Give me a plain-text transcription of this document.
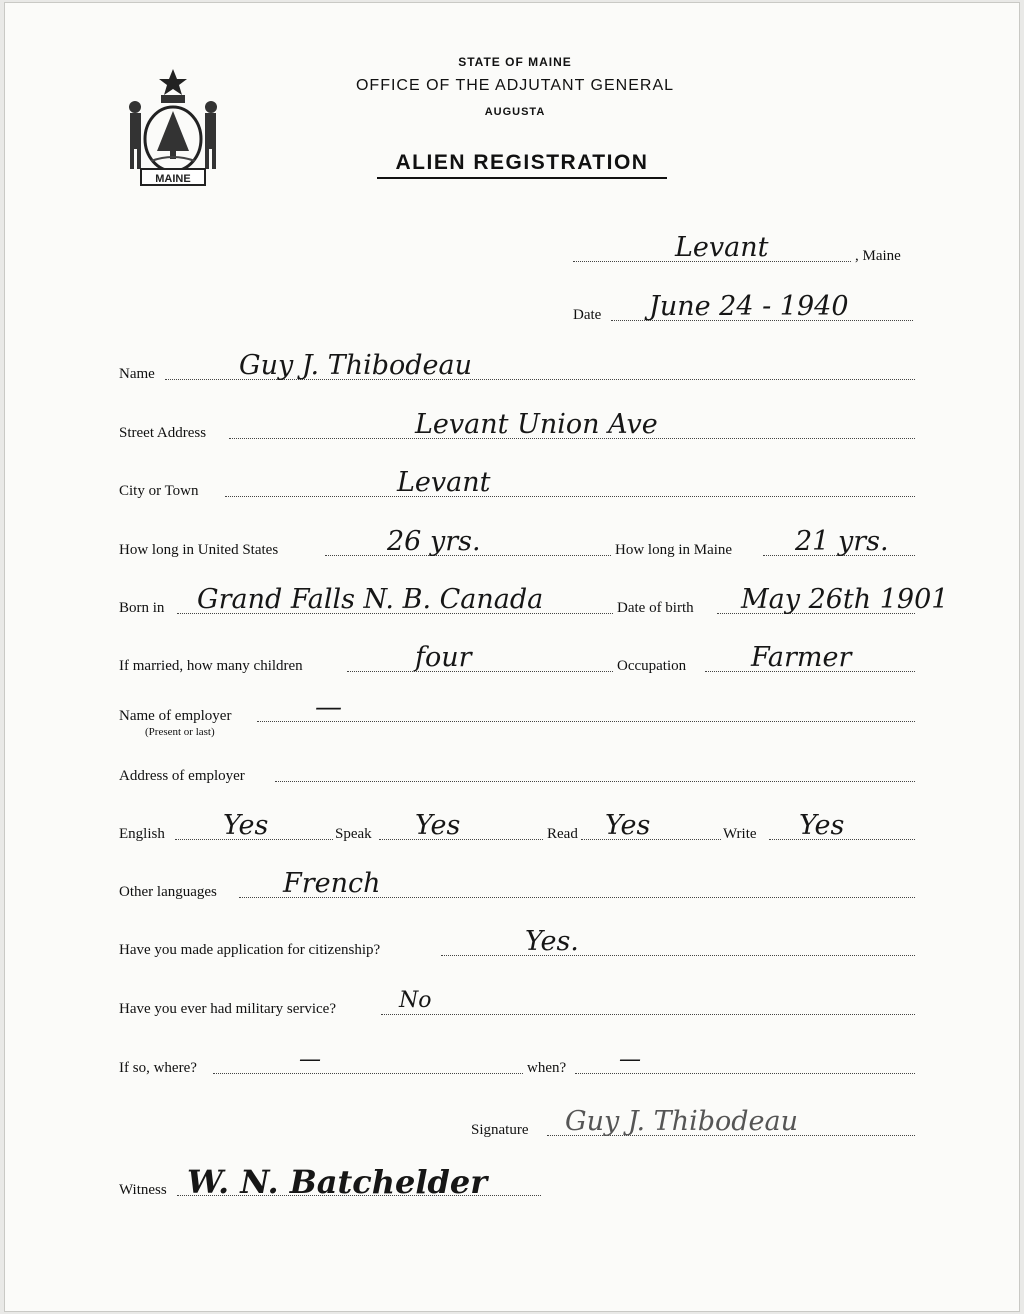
MAINE
STATE OF MAINE
OFFICE OF THE ADJUTANT GENERAL
AUGUSTA
ALIEN REGISTRATION
Levant	, Maine
Date June 24 - 1940
Name	Guy J. Thibodeau
Street Address	Levant Union Ave
City or Town	Levant
How long in United States	26 yrs.	How long in Maine 21 yrs.
Born in Grand Falls N. B. Canada	Date of birth May 26th 1901
If married, how many children	four	Occupation Farmer
Name of employer	—
(Present or last)
Address of employer
English Yes	Speak Yes	Read Yes	Write Yes
Other languages French
Have you made application for citizenship?	Yes.
Have you ever had military service?	No
If so, where?	—	when? —
Signature Guy J. Thibodeau
Witness W. N. Batchelder
